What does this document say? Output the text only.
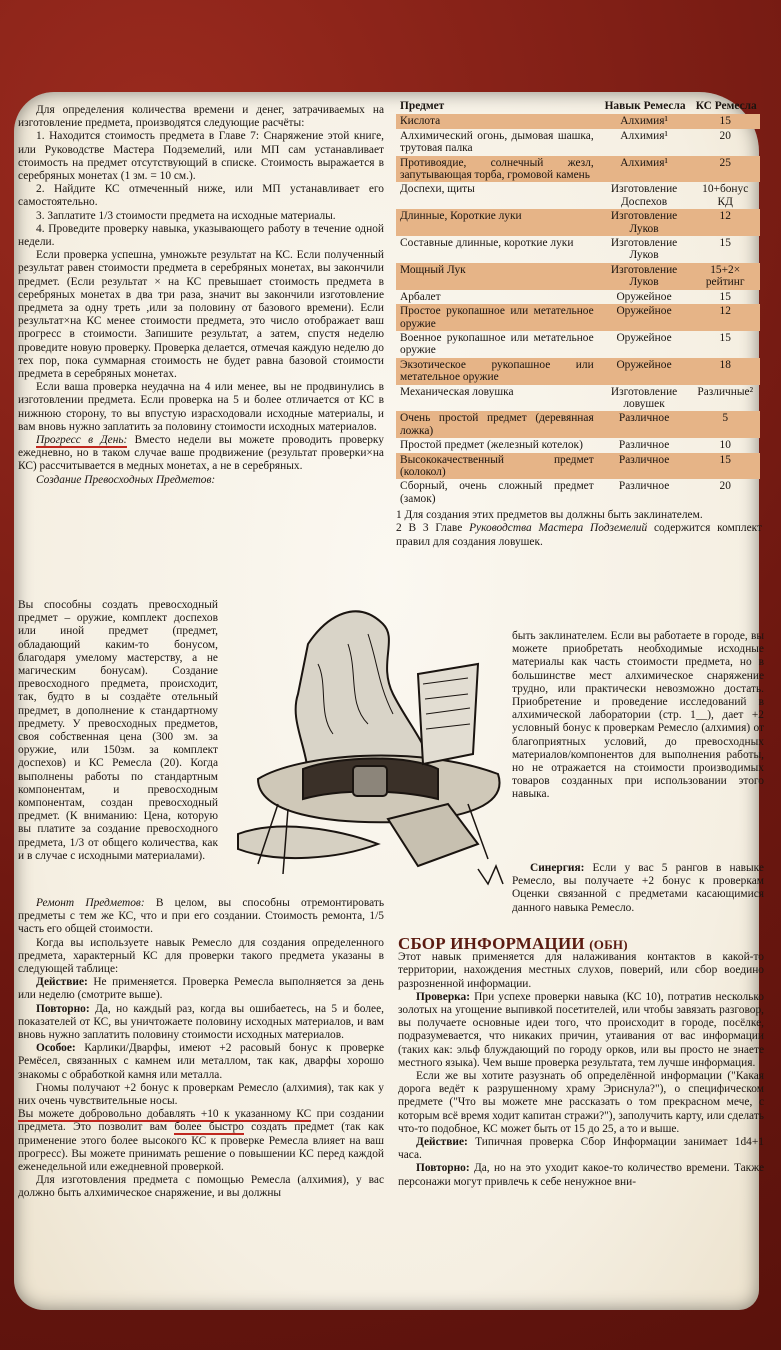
Для определения количества времени и денег, затрачиваемых на изготовление предмета, производятся следующие расчёты:

1. Находится стоимость предмета в Главе 7: Снаряжение этой книге, или Руководстве Мастера Подземелий, или МП сам устанавливает стоимость на предмет отсутствующий в списке. Стоимость выражается в серебряных монетах (1 зм. = 10 см.).

2. Найдите КС отмеченный ниже, или МП устанавливает его самостоятельно.

3. Заплатите 1/3 стоимости предмета на исходные материалы.

4. Проведите проверку навыка, указывающего работу в течение одной недели.

Если проверка успешна, умножьте результат на КС. Если полученный результат равен стоимости предмета в серебряных монетах, вы закончили предмет. (Если результат × на КС превышает стоимость предмета в серебряных монетах в два три раза, значит вы закончили изготовление предмета за одну треть ,или за половину от базового времени). Если результат×на КС менее стоимости предмета, это число отображает ваш прогресс в стоимости. Запишите результат, а затем, спустя неделю проведите новую проверку. Проверка делается, отмечая каждую неделю до тех пор, пока суммарная стоимость не будет равна базовой стоимости предмета в серебряных монетах.

Если ваша проверка неудачна на 4 или менее, вы не продвинулись в изготовлении предмета. Если проверка на 5 и более отличается от КС в нижнюю сторону, то вы впустую израсходовали исходные материалы, и вам вновь нужно заплатить за половину стоимости исходных материалов.

Прогресс в День: Вместо недели вы можете проводить проверку ежедневно, но в таком случае ваше продвижение (результат проверки×на КС) рассчитывается в медных монетах, а не в серебряных.

Создание Превосходных Предметов:

Вы способны создать превосходный предмет – оружие, комплект доспехов или иной предмет (предмет, обладающий каким-то бонусом, благодаря умелому мастерству, а не магическим бонусам). Создание превосходного предмета, происходит, так, будто в ы создаёте отельный предмет, в дополнение к стандартному предмету. У превосходных предметов, своя собственная цена (300 зм. за оружие, или 150зм. за комплект доспехов) и КС Ремесла (20). Когда выполнены работы по стандартным компонентам, и превосходным компонентам, создан превосходный предмет. (К вниманию: Цена, которую вы платите за создание превосходного предмета, 1/3 от общего количества, как и в случае с исходными материалами).

Ремонт Предметов: В целом, вы способны отремонтировать предметы с тем же КС, что и при его создании. Стоимость ремонта, 1/5 часть его общей стоимости.

Когда вы используете навык Ремесло для создания определенного предмета, характерный КС для проверки такого предмета указаны в следующей таблице:

Действие: Не применяется. Проверка Ремесла выполняется за день или неделю (смотрите выше).

Повторно: Да, но каждый раз, когда вы ошибаетесь, на 5 и более, показателей от КС, вы уничтожаете половину исходных материалов, и вам вновь нужно заплатить половину стоимости исходных материалов.

Особое: Карлики/Дварфы, имеют +2 расовый бонус к проверке Ремёсел, связанных с камнем или металлом, так как, дварфы хорошо знакомы с обработкой камня или металла.

Гномы получают +2 бонус к проверкам Ремесло (алхимия), так как у них очень чувствительные носы.

Вы можете добровольно добавлять +10 к указанному КС при создании предмета. Это позволит вам более быстро создать предмет (так как применение этого более высокого КС к проверке Ремесла влияет на ваш прогресс). Вы можете принимать решение о повышении КС перед каждой еженедельной или ежедневной проверкой.

Для изготовления предмета с помощью Ремесла (алхимия), у вас должно быть алхимическое снаряжение, и вы должны

Предмет	Навык Ремесла	КС Ремесла
Кислота	Алхимия¹	15
Алхимический огонь, дымовая шашка, трутовая палка	Алхимия¹	20
Противоядие, солнечный жезл, запутывающая торба, громовой камень	Алхимия¹	25
Доспехи, щиты	Изготовление Доспехов	10+бонус КД
Длинные, Короткие луки	Изготовление Луков	12
Составные длинные, короткие луки	Изготовление Луков	15
Мощный Лук	Изготовление Луков	15+2× рейтинг
Арбалет	Оружейное	15
Простое рукопашное или метательное оружие	Оружейное	12
Военное рукопашное или метательное оружие	Оружейное	15
Экзотическое рукопашное или метательное оружие	Оружейное	18
Механическая ловушка	Изготовление ловушек	Различные²
Очень простой предмет (деревянная ложка)	Различное	5
Простой предмет (железный котелок)	Различное	10
Высококачественный предмет (колокол)	Различное	15
Сборный, очень сложный предмет (замок)	Различное	20
1 Для создания этих предметов вы должны быть заклинателем.
2 В 3 Главе Руководства Мастера Подземелий содержится комплект правил для создания ловушек.

быть заклинателем. Если вы работаете в городе, вы можете приобретать необходимые исходные материалы как часть стоимости предмета, но в большинстве мест алхимическое снаряжение трудно, или практически невозможно достать. Приобретение и проведение исследований в алхимической лаборатории (стр. 1__), дает +2 условный бонус к проверкам Ремесло (алхимия) от благоприятных условий, до превосходных материалов/компонентов для выполнения работы, но не отражается на стоимости производимых товаров созданных при использовании этого навыка.

Синергия: Если у вас 5 рангов в навыке Ремесло, вы получаете +2 бонус к проверкам Оценки связанной с предметами касающимися данного навыка Ремесло.

СБОР ИНФОРМАЦИИ (ОБН)

Этот навык применяется для налаживания контактов в какой-то территории, нахождения местных слухов, поверий, или сбор воедино разрозненной информации.

Проверка: При успехе проверки навыка (КС 10), потратив несколько золотых на угощение выпивкой посетителей, или чтобы завязать разговор, вы получаете основные идеи того, что происходит в городе, посёлке, подразумевается, что никаких причин, утаивания от вас информации (таких как: эльф блуждающий по городу орков, или вы просто не знаете местного языка). Чем выше проверка результата, тем лучше информация.

Если же вы хотите разузнать об определённой информации ("Какая дорога ведёт к разрушенному храму Эриснула?"), о специфическом предмете ("Что вы можете мне рассказать о том прекрасном мече, с которым всё время ходит капитан стражи?"), заполучить карту, или сделать что-то подобное, КС может быть от 15 до 25, а то и выше.

Действие: Типичная проверка Сбор Информации занимает 1d4+1 часа.

Повторно: Да, но на это уходит какое-то количество времени. Также персонажи могут привлечь к себе ненужное вни-
